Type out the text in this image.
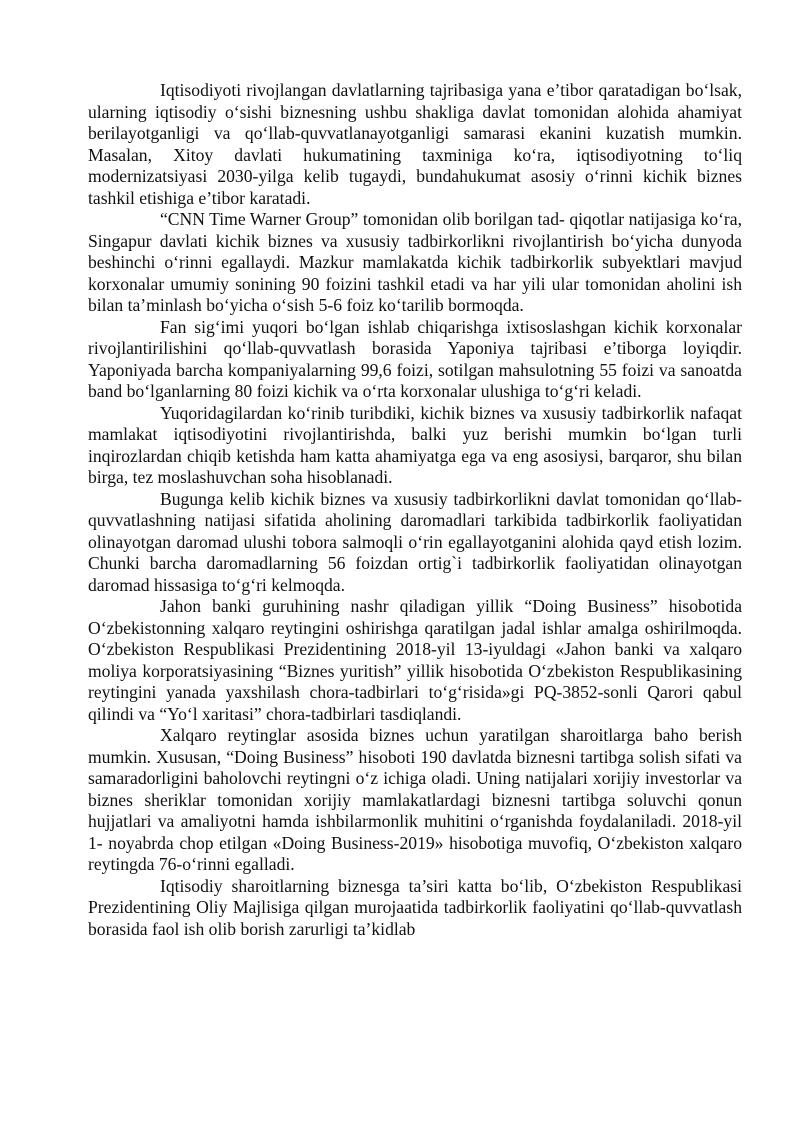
Iqtisodiyoti rivojlangan davlatlarning tajribasiga yana e’tibor qaratadigan bo‘lsak, ularning iqtisodiy o‘sishi biznesning ushbu shakliga davlat tomonidan alohida ahamiyat berilayotganligi va qo‘llab-quvvatlanayotganligi samarasi ekanini kuzatish mumkin. Masalan, Xitoy davlati hukumatining taxminiga ko‘ra, iqtisodiyotning to‘liq modernizatsiyasi 2030-yilga kelib tugaydi, bundahukumat asosiy o‘rinni kichik biznes tashkil etishiga e’tibor karatadi.

“CNN Time Warner Group” tomonidan olib borilgan tad- qiqotlar natijasiga ko‘ra, Singapur davlati kichik biznes va xususiy tadbirkorlikni rivojlantirish bo‘yicha dunyoda beshinchi o‘rinni egallaydi. Mazkur mamlakatda kichik tadbirkorlik subyektlari mavjud korxonalar umumiy sonining 90 foizini tashkil etadi va har yili ular tomonidan aholini ish bilan ta’minlash bo‘yicha o‘sish 5-6 foiz ko‘tarilib bormoqda.

Fan sig‘imi yuqori bo‘lgan ishlab chiqarishga ixtisoslashgan kichik korxonalar rivojlantirilishini qo‘llab-quvvatlash borasida Yaponiya tajribasi e’tiborga loyiqdir. Yaponiyada barcha kompaniyalarning 99,6 foizi, sotilgan mahsulotning 55 foizi va sanoatda band bo‘lganlarning 80 foizi kichik va o‘rta korxonalar ulushiga to‘g‘ri keladi.

Yuqoridagilardan ko‘rinib turibdiki, kichik biznes va xususiy tadbirkorlik nafaqat mamlakat iqtisodiyotini rivojlantirishda, balki yuz berishi mumkin bo‘lgan turli inqirozlardan chiqib ketishda ham katta ahamiyatga ega va eng asosiysi, barqaror, shu bilan birga, tez moslashuvchan soha hisoblanadi.

Bugunga kelib kichik biznes va xususiy tadbirkorlikni davlat tomonidan qo‘llab-quvvatlashning natijasi sifatida aholining daromadlari tarkibida tadbirkorlik faoliyatidan olinayotgan daromad ulushi tobora salmoqli o‘rin egallayotganini alohida qayd etish lozim. Chunki barcha daromadlarning 56 foizdan ortig`i tadbirkorlik faoliyatidan olinayotgan daromad hissasiga to‘g‘ri kelmoqda.

Jahon banki guruhining nashr qiladigan yillik “Doing Business” hisobotida O‘zbekistonning xalqaro reytingini oshirishga qaratilgan jadal ishlar amalga oshirilmoqda. O‘zbekiston Respublikasi Prezidentining 2018-yil 13-iyuldagi «Jahon banki va xalqaro moliya korporatsiyasining “Biznes yuritish” yillik hisobotida O‘zbekiston Respublikasining reytingini yanada yaxshilash chora-tadbirlari to‘g‘risida»gi PQ-3852-sonli Qarori qabul qilindi va “Yo‘l xaritasi” chora-tadbirlari tasdiqlandi.

Xalqaro reytinglar asosida biznes uchun yaratilgan sharoitlarga baho berish mumkin. Xususan, “Doing Business” hisoboti 190 davlatda biznesni tartibga solish sifati va samaradorligini baholovchi reytingni o‘z ichiga oladi. Uning natijalari xorijiy investorlar va biznes sheriklar tomonidan xorijiy mamlakatlardagi biznesni tartibga soluvchi qonun hujjatlari va amaliyotni hamda ishbilarmonlik muhitini o‘rganishda foydalaniladi. 2018-yil 1- noyabrda chop etilgan «Doing Business-2019» hisobotiga muvofiq, O‘zbekiston xalqaro reytingda 76-o‘rinni egalladi.

Iqtisodiy sharoitlarning biznesga ta’siri katta bo‘lib, O‘zbekiston Respublikasi Prezidentining Oliy Majlisiga qilgan murojaatida tadbirkorlik faoliyatini qo‘llab-quvvatlash borasida faol ish olib borish zarurligi ta’kidlab
